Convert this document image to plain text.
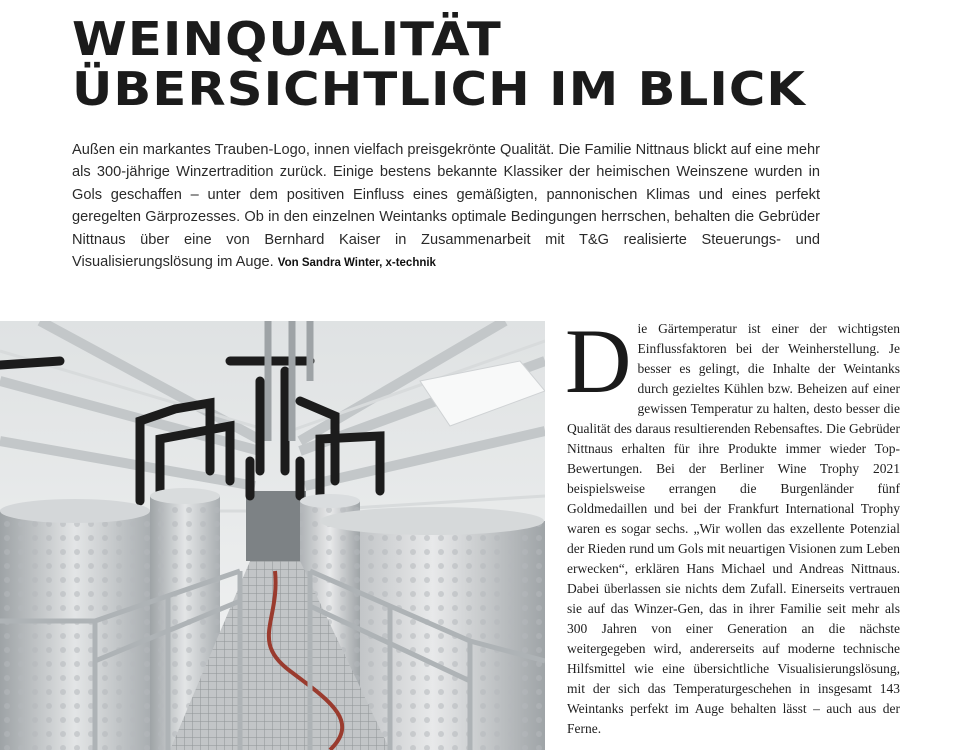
WEINQUALITÄT
ÜBERSICHTLICH IM BLICK

Außen ein markantes Trauben-Logo, innen vielfach preisgekrönte Qualität. Die Familie Nittnaus blickt auf eine mehr als 300-jährige Winzertradition zurück. Einige bestens bekannte Klassiker der heimischen Weinszene wurden in Gols geschaffen – unter dem positiven Einfluss eines gemäßigten, pannonischen Klimas und eines perfekt geregelten Gärprozesses. Ob in den einzelnen Weintanks optimale Bedingungen herrschen, behalten die Gebrüder Nittnaus über eine von Bernhard Kaiser in Zusammenarbeit mit T&G realisierte Steuerungs- und Visualisierungslösung im Auge. Von Sandra Winter, x-technik

Die Gärtemperatur ist einer der wichtigsten Einflussfaktoren bei der Weinherstellung. Je besser es gelingt, die Inhalte der Weintanks durch gezieltes Kühlen bzw. Beheizen auf einer gewissen Temperatur zu halten, desto besser die Qualität des daraus resultierenden Rebensaftes. Die Gebrüder Nittnaus erhalten für ihre Produkte immer wieder Top-Bewertungen. Bei der Berliner Wine Trophy 2021 beispielsweise errangen die Burgenländer fünf Goldmedaillen und bei der Frankfurt International Trophy waren es sogar sechs. „Wir wollen das exzellente Potenzial der Rieden rund um Gols mit neuartigen Visionen zum Leben erwecken“, erklären Hans Michael und Andreas Nittnaus. Dabei überlassen sie nichts dem Zufall. Einerseits vertrauen sie auf das Winzer-Gen, das in ihrer Familie seit mehr als 300 Jahren von einer Generation an die nächste weitergegeben wird, andererseits auf moderne technische Hilfsmittel wie eine übersichtliche Visualisierungslösung, mit der sich das Temperaturgeschehen in insgesamt 143 Weintanks perfekt im Auge behalten lässt – auch aus der Ferne.
